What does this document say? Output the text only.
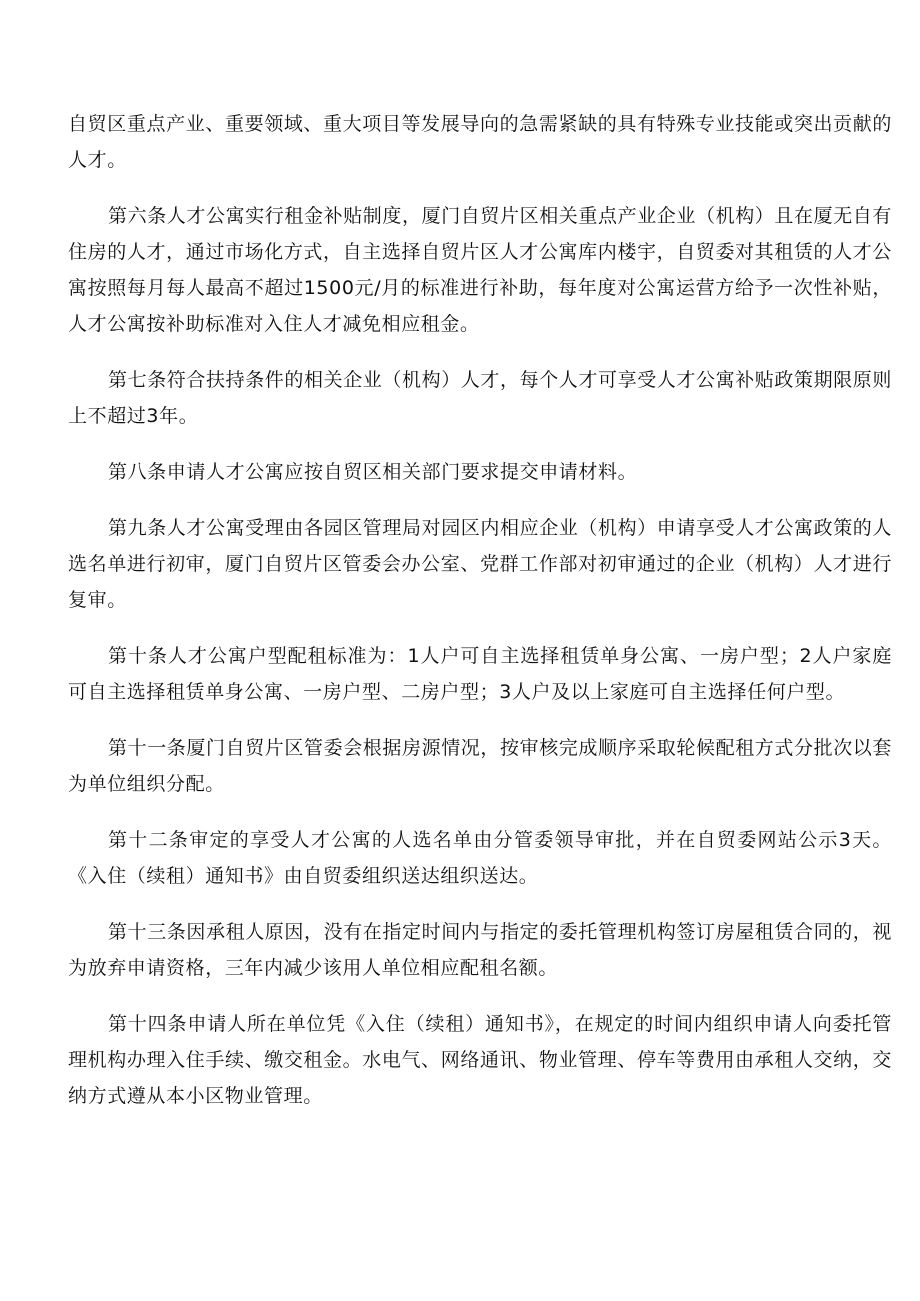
自贸区重点产业、重要领域、重大项目等发展导向的急需紧缺的具有特殊专业技能或突出贡献的人才。

第六条人才公寓实行租金补贴制度，厦门自贸片区相关重点产业企业（机构）且在厦无自有住房的人才，通过市场化方式，自主选择自贸片区人才公寓库内楼宇，自贸委对其租赁的人才公寓按照每月每人最高不超过1500元/月的标准进行补助，每年度对公寓运营方给予一次性补贴，人才公寓按补助标准对入住人才减免相应租金。

第七条符合扶持条件的相关企业（机构）人才，每个人才可享受人才公寓补贴政策期限原则上不超过3年。

第八条申请人才公寓应按自贸区相关部门要求提交申请材料。

第九条人才公寓受理由各园区管理局对园区内相应企业（机构）申请享受人才公寓政策的人选名单进行初审，厦门自贸片区管委会办公室、党群工作部对初审通过的企业（机构）人才进行复审。

第十条人才公寓户型配租标准为：1人户可自主选择租赁单身公寓、一房户型；2人户家庭可自主选择租赁单身公寓、一房户型、二房户型；3人户及以上家庭可自主选择任何户型。

第十一条厦门自贸片区管委会根据房源情况，按审核完成顺序采取轮候配租方式分批次以套为单位组织分配。

第十二条审定的享受人才公寓的人选名单由分管委领导审批，并在自贸委网站公示3天。《入住（续租）通知书》由自贸委组织送达组织送达。

第十三条因承租人原因，没有在指定时间内与指定的委托管理机构签订房屋租赁合同的，视为放弃申请资格，三年内减少该用人单位相应配租名额。

第十四条申请人所在单位凭《入住（续租）通知书》，在规定的时间内组织申请人向委托管理机构办理入住手续、缴交租金。水电气、网络通讯、物业管理、停车等费用由承租人交纳，交纳方式遵从本小区物业管理。
